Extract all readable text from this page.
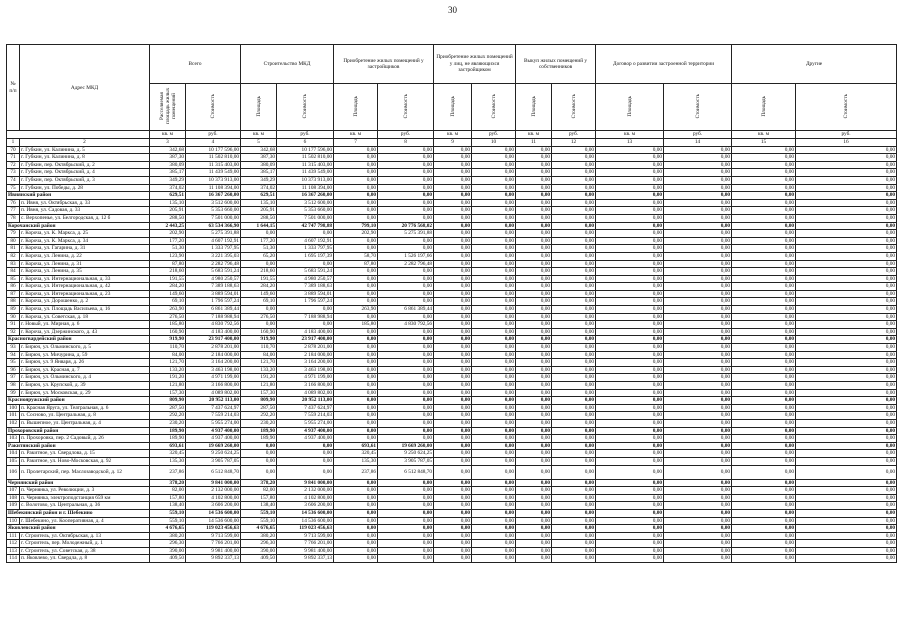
30
№ п/п	Адрес МКД	Всего		Строительство МКД		Приобретение жилых помещений у застройщиков		Приобретение жилых помещений у лиц, не являющихся застройщиком		Выкуп жилых помещений у собственников		Договор о развитии застроенной территории		Другие	
		Расселяемая площадь жилых помещений	Стоимость	Площадь	Стоимость	Площадь	Стоимость	Площадь	Стоимость	Площадь	Стоимость	Площадь	Стоимость	Площадь	Стоимость
		кв. м	руб.	кв. м	руб.	кв. м	руб.	кв. м	руб.	кв. м	руб.	кв. м	руб.	кв. м	руб.
1	2	3	4	5	6	7	8	9	10	11	12	13	14	15	16
70	г. Губкин, ул. Калинина, д. 5	342,68	10 177 596,00	342,68	10 177 596,00	0,00	0,00	0,00	0,00	0,00	0,00	0,00	0,00	0,00	0,00
71	г. Губкин, ул. Калинина, д. 8	387,30	11 502 810,00	387,30	11 502 810,00	0,00	0,00	0,00	0,00	0,00	0,00	0,00	0,00	0,00	0,00
72	г. Губкин, пер. Октябрьский, д. 2	380,09	11 315 403,00	380,09	11 315 403,00	0,00	0,00	0,00	0,00	0,00	0,00	0,00	0,00	0,00	0,00
73	г. Губкин, пер. Октябрьский, д. 4	385,17	11 439 549,00	385,17	11 439 549,00	0,00	0,00	0,00	0,00	0,00	0,00	0,00	0,00	0,00	0,00
74	г. Губкин, пер. Октябрьский, д. 3	349,29	10 373 913,00	349,29	10 373 913,00	0,00	0,00	0,00	0,00	0,00	0,00	0,00	0,00	0,00	0,00
75	г. Губкин, ул. Победы, д. 28	374,02	11 108 394,00	374,02	11 108 394,00	0,00	0,00	0,00	0,00	0,00	0,00	0,00	0,00	0,00	0,00
Ивнянский район		629,51	16 367 260,00	629,51	16 367 260,00	0,00	0,00	0,00	0,00	0,00	0,00	0,00	0,00	0,00	0,00
76	п. Ивня, ул. Октябрьская, д. 33	135,10	3 512 600,00	135,10	3 512 600,00	0,00	0,00	0,00	0,00	0,00	0,00	0,00	0,00	0,00	0,00
77	п. Ивня, ул. Садовая, д. 33	205,91	5 353 660,00	205,91	5 353 660,00	0,00	0,00	0,00	0,00	0,00	0,00	0,00	0,00	0,00	0,00
78	с. Верхопенье, ул. Белгородская, д. 12 б	288,50	7 501 000,00	288,50	7 501 000,00	0,00	0,00	0,00	0,00	0,00	0,00	0,00	0,00	0,00	0,00
Корочанский район		2 443,25	63 534 366,90	1 644,15	42 747 798,88	799,10	20 776 568,02	0,00	0,00	0,00	0,00	0,00	0,00	0,00	0,00
79	г. Короча, ул. К. Маркса, д. 25	202,90	5 275 391,88	0,00	0,00	202,90	5 275 391,88	0,00	0,00	0,00	0,00	0,00	0,00	0,00	0,00
80	г. Короча, ул. К. Маркса, д. 34	177,20	4 607 192,91	177,20	4 607 192,91	0,00	0,00	0,00	0,00	0,00	0,00	0,00	0,00	0,00	0,00
81	г. Короча, ул. Гагарина, д. 31	51,30	1 333 797,95	51,30	1 333 797,95	0,00	0,00	0,00	0,00	0,00	0,00	0,00	0,00	0,00	0,00
82	г. Короча, ул. Ленина, д. 22	123,90	3 221 395,03	65,20	1 695 197,39	58,70	1 526 197,66	0,00	0,00	0,00	0,00	0,00	0,00	0,00	0,00
83	г. Короча, ул. Ленина, д. 31	87,80	2 282 796,48	0,00	0,00	87,80	2 282 796,48	0,00	0,00	0,00	0,00	0,00	0,00	0,00	0,00
84	г. Короча, ул. Ленина, д. 35	218,60	5 683 591,24	218,60	5 683 591,24	0,00	0,00	0,00	0,00	0,00	0,00	0,00	0,00	0,00	0,00
85	г. Короча, ул. Интернациональная, д. 33	191,55	4 980 250,57	191,55	4 980 250,57	0,00	0,00	0,00	0,00	0,00	0,00	0,00	0,00	0,00	0,00
86	г. Короча, ул. Интернациональная, д. 42	284,20	7 389 188,63	284,20	7 389 188,63	0,00	0,00	0,00	0,00	0,00	0,00	0,00	0,00	0,00	0,00
87	г. Короча, ул. Интернациональная, д. 23	149,60	3 889 594,01	149,60	3 889 594,01	0,00	0,00	0,00	0,00	0,00	0,00	0,00	0,00	0,00	0,00
88	г. Короча, ул. Дорошенко, д. 2	69,10	1 796 597,24	69,10	1 796 597,24	0,00	0,00	0,00	0,00	0,00	0,00	0,00	0,00	0,00	0,00
89	г. Короча, ул. Площадь Васильева, д. 16	263,90	6 861 389,44	0,00	0,00	263,90	6 861 389,44	0,00	0,00	0,00	0,00	0,00	0,00	0,00	0,00
90	г. Короча, ул. Советская, д. 18	276,50	7 188 988,94	276,50	7 188 988,94	0,00	0,00	0,00	0,00	0,00	0,00	0,00	0,00	0,00	0,00
91	г. Новый, ул. Мирная, д. 6	185,80	4 830 792,56	0,00	0,00	185,80	4 830 792,56	0,00	0,00	0,00	0,00	0,00	0,00	0,00	0,00
92	г. Короча, ул. Дзержинского, д. 43	160,90	4 183 400,00	160,90	4 183 400,00	0,00	0,00	0,00	0,00	0,00	0,00	0,00	0,00	0,00	0,00
Красногвардейский район		919,90	23 917 400,00	919,90	23 917 400,00	0,00	0,00	0,00	0,00	0,00	0,00	0,00	0,00	0,00	0,00
93	г. Бирюч, ул. Ольминского, д. 5	110,70	2 878 201,00	110,70	2 878 201,00	0,00	0,00	0,00	0,00	0,00	0,00	0,00	0,00	0,00	0,00
94	г. Бирюч, ул. Мичурина, д. 59	84,00	2 184 000,00	84,00	2 184 000,00	0,00	0,00	0,00	0,00	0,00	0,00	0,00	0,00	0,00	0,00
95	г. Бирюч, ул. 9 Января, д. 26	121,70	3 164 200,00	121,70	3 164 200,00	0,00	0,00	0,00	0,00	0,00	0,00	0,00	0,00	0,00	0,00
96	г. Бирюч, ул. Красная, д. 7	133,20	3 463 198,00	133,20	3 463 198,00	0,00	0,00	0,00	0,00	0,00	0,00	0,00	0,00	0,00	0,00
97	г. Бирюч, ул. Ольминского, д. 4	191,20	4 971 199,00	191,20	4 971 199,00	0,00	0,00	0,00	0,00	0,00	0,00	0,00	0,00	0,00	0,00
98	г. Бирюч, ул. Крупской, д. 39	121,80	3 166 800,00	121,80	3 166 800,00	0,00	0,00	0,00	0,00	0,00	0,00	0,00	0,00	0,00	0,00
99	г. Бирюч, ул. Московская, д. 29	157,30	4 089 802,00	157,30	4 089 802,00	0,00	0,00	0,00	0,00	0,00	0,00	0,00	0,00	0,00	0,00
Краснояружский район		809,90	20 952 113,00	809,90	20 952 113,00	0,00	0,00	0,00	0,00	0,00	0,00	0,00	0,00	0,00	0,00
100	п. Красная Яруга, ул. Театральная, д. 6	287,50	7 437 624,97	287,50	7 437 624,97	0,00	0,00	0,00	0,00	0,00	0,00	0,00	0,00	0,00	0,00
101	п. Сосново, ул. Центральная, д. 8	292,20	7 559 214,03	292,20	7 559 214,03	0,00	0,00	0,00	0,00	0,00	0,00	0,00	0,00	0,00	0,00
102	п. Вышепное, ул. Центральная, д. 4	230,20	5 955 274,00	230,20	5 955 274,00	0,00	0,00	0,00	0,00	0,00	0,00	0,00	0,00	0,00	0,00
Прохоровский район		189,90	4 937 400,00	189,90	4 937 400,00	0,00	0,00	0,00	0,00	0,00	0,00	0,00	0,00	0,00	0,00
103	п. Прохоровка, пер. 2 Садовый, д. 26	189,90	4 937 400,00	189,90	4 937 400,00	0,00	0,00	0,00	0,00	0,00	0,00	0,00	0,00	0,00	0,00
Ракитянский район		693,61	19 669 260,00	0,00	0,00	693,61	19 669 260,00	0,00	0,00	0,00	0,00	0,00	0,00	0,00	0,00
104	п. Ракитное, ул. Свердлова, д. 15	320,45	9 250 624,25	0,00	0,00	320,45	9 250 624,25	0,00	0,00	0,00	0,00	0,00	0,00	0,00	0,00
105	п. Ракитное, ул. Ново-Московская, д. 92	135,30	3 905 787,05	0,00	0,00	135,30	3 905 787,05	0,00	0,00	0,00	0,00	0,00	0,00	0,00	0,00
106	п. Пролетарский, пер. Маслозаводской, д. 12	237,86	6 512 848,70	0,00	0,00	237,86	6 512 848,70	0,00	0,00	0,00	0,00	0,00	0,00	0,00	0,00
Чернянский район		378,20	9 841 000,00	378,20	9 841 000,00	0,00	0,00	0,00	0,00	0,00	0,00	0,00	0,00	0,00	0,00
107	п. Чернянка, ул. Революции, д. 3	82,00	2 132 000,00	82,00	2 132 000,00	0,00	0,00	0,00	0,00	0,00	0,00	0,00	0,00	0,00	0,00
108	п. Чернянка, электроподстанция 659 км	157,80	4 102 800,00	157,80	4 102 800,00	0,00	0,00	0,00	0,00	0,00	0,00	0,00	0,00	0,00	0,00
109	с. Волотово, ул. Центральная, д. 36	138,40	3 606 200,00	138,40	3 606 200,00	0,00	0,00	0,00	0,00	0,00	0,00	0,00	0,00	0,00	0,00
Шебекинский район и г. Шебекино		559,10	14 536 600,00	559,10	14 536 600,00	0,00	0,00	0,00	0,00	0,00	0,00	0,00	0,00	0,00	0,00
110	г. Шебекино, ул. Кооперативная, д. 4	559,10	14 536 600,00	559,10	14 536 600,00	0,00	0,00	0,00	0,00	0,00	0,00	0,00	0,00	0,00	0,00
Яковлевский район		4 676,65	119 023 456,63	4 676,65	119 023 456,63	0,00	0,00	0,00	0,00	0,00	0,00	0,00	0,00	0,00	0,00
111	г. Строитель, ул. Октябрьская, д. 13	380,20	9 713 599,00	380,20	9 713 599,00	0,00	0,00	0,00	0,00	0,00	0,00	0,00	0,00	0,00	0,00
112	г. Строитель, пер. Молодежный, д. 1	296,30	7 766 201,00	296,30	7 766 201,00	0,00	0,00	0,00	0,00	0,00	0,00	0,00	0,00	0,00	0,00
113	г. Строитель, ул. Советская, д. 38	390,00	9 981 400,00	390,00	9 981 400,00	0,00	0,00	0,00	0,00	0,00	0,00	0,00	0,00	0,00	0,00
114	п. Яковлево, ул. Свердла, д. 8	409,50	9 892 337,13	409,50	9 892 337,13	0,00	0,00	0,00	0,00	0,00	0,00	0,00	0,00	0,00	0,00
